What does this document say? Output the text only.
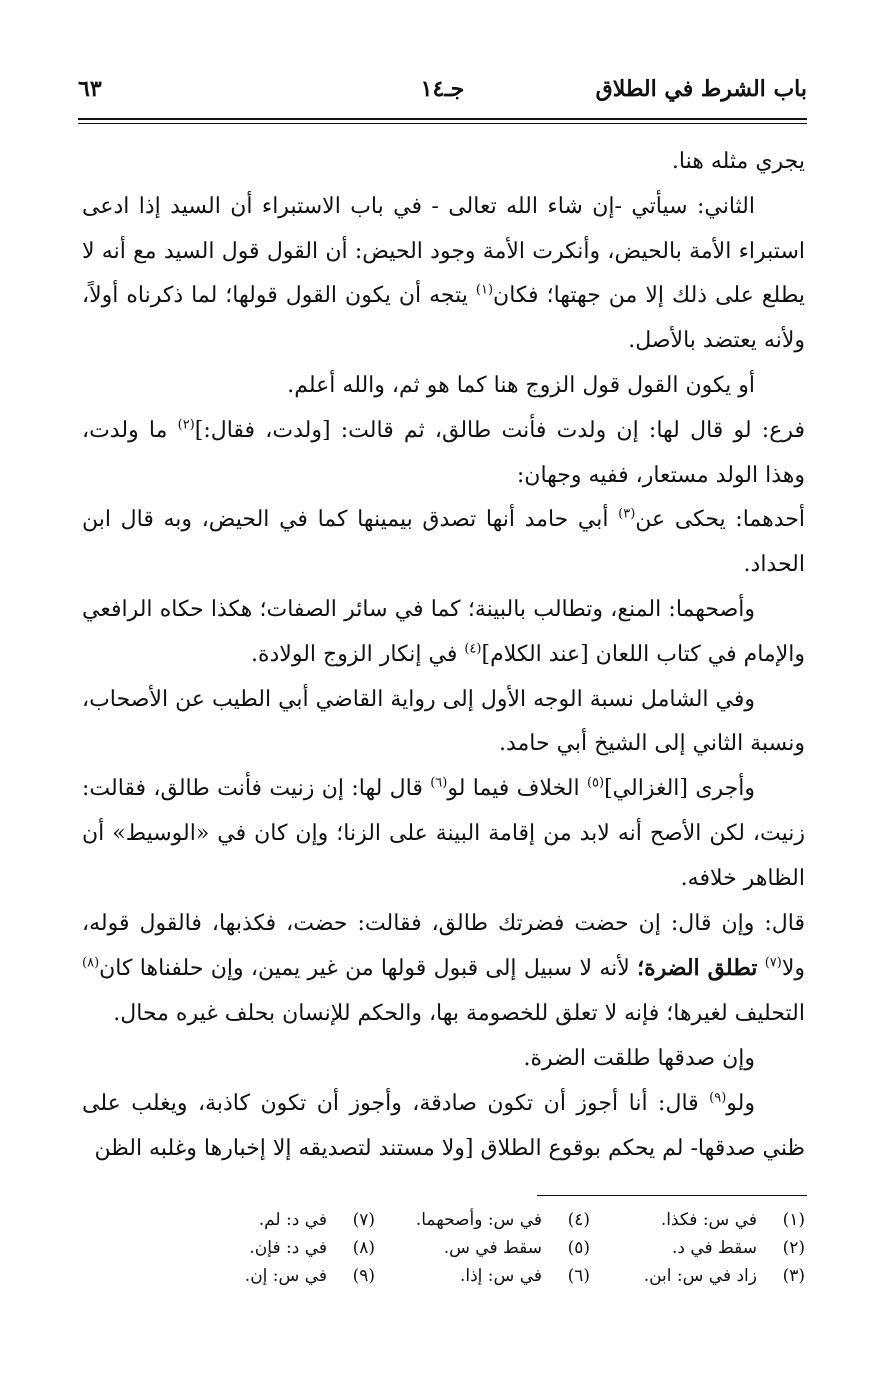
باب الشرط في الطلاق
جـ١٤
٦٣

يجري مثله هنا.

الثاني: سيأتي -إن شاء الله تعالى - في باب الاستبراء أن السيد إذا ادعى استبراء الأمة بالحيض، وأنكرت الأمة وجود الحيض: أن القول قول السيد مع أنه لا يطلع على ذلك إلا من جهتها؛ فكان$^{(١)}$ يتجه أن يكون القول قولها؛ لما ذكرناه أولاً، ولأنه يعتضد بالأصل.

أو يكون القول قول الزوج هنا كما هو ثم، والله أعلم.

فرع: لو قال لها: إن ولدت فأنت طالق، ثم قالت: [ولدت، فقال:]$^{(٢)}$ ما ولدت، وهذا الولد مستعار، ففيه وجهان:

أحدهما: يحكى عن$^{(٣)}$ أبي حامد أنها تصدق بيمينها كما في الحيض، وبه قال ابن الحداد.

وأصحهما: المنع، وتطالب بالبينة؛ كما في سائر الصفات؛ هكذا حكاه الرافعي والإمام في كتاب اللعان [عند الكلام]$^{(٤)}$ في إنكار الزوج الولادة.

وفي الشامل نسبة الوجه الأول إلى رواية القاضي أبي الطيب عن الأصحاب، ونسبة الثاني إلى الشيخ أبي حامد.

وأجرى [الغزالي]$^{(٥)}$ الخلاف فيما لو$^{(٦)}$ قال لها: إن زنيت فأنت طالق، فقالت: زنيت، لكن الأصح أنه لابد من إقامة البينة على الزنا؛ وإن كان في «الوسيط» أن الظاهر خلافه.

قال: وإن قال: إن حضت فضرتك طالق، فقالت: حضت، فكذبها، فالقول قوله، ولا$^{(٧)}$ تطلق الضرة؛ لأنه لا سبيل إلى قبول قولها من غير يمين، وإن حلفناها كان$^{(٨)}$ التحليف لغيرها؛ فإنه لا تعلق للخصومة بها، والحكم للإنسان بحلف غيره محال.

وإن صدقها طلقت الضرة.

ولو$^{(٩)}$ قال: أنا أجوز أن تكون صادقة، وأجوز أن تكون كاذبة، ويغلب على ظني صدقها- لم يحكم بوقوع الطلاق [ولا مستند لتصديقه إلا إخبارها وغلبه الظن

(١)
في س: فكذا.
(٤)
في س: وأصحهما.
(٧)
في د: لم.
(٢)
سقط في د.
(٥)
سقط في س.
(٨)
في د: فإن.
(٣)
زاد في س: ابن.
(٦)
في س: إذا.
(٩)
في س: إن.
